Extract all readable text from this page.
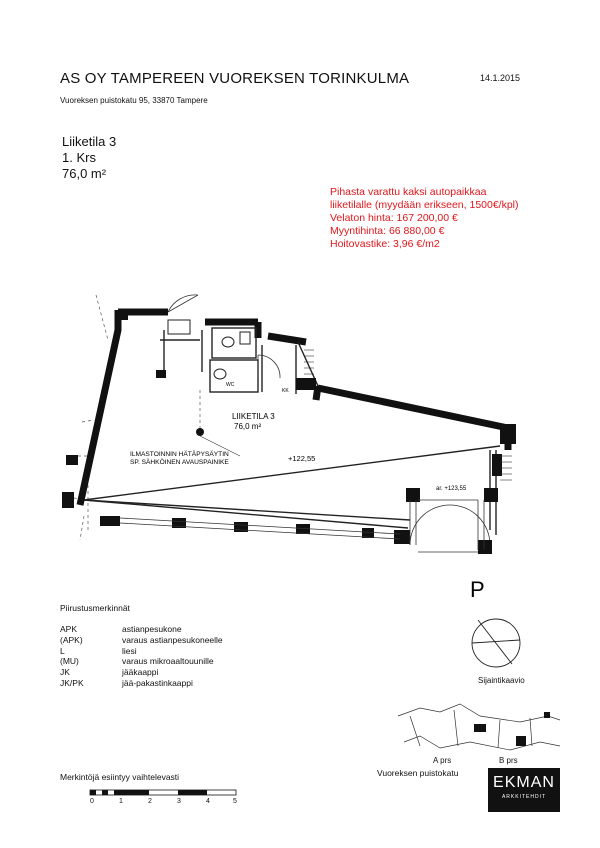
AS OY TAMPEREEN VUOREKSEN TORINKULMA	14.1.2015
Vuoreksen puistokatu 95, 33870 Tampere
Liiketila 3
1. Krs
76,0 m²
Pihasta varattu kaksi autopaikkaa
liiketilalle (myydään erikseen, 1500€/kpl)
Velaton hinta: 167 200,00 €
Myyntihinta: 66 880,00 €
Hoitovastike: 3,96 €/m2
LIIKETILA 3
76,0 m²
ILMASTOINNIN HÄTÄPYSÄYTIN
SP. SÄHKÖINEN AVAUSPAINIKE	+122,55
ar. +123,55
WC
KK
P
Piirustusmerkinnät
APK	astianpesukone
(APK)	varaus astianpesukoneelle
L	liesi
(MU)	varaus mikroaaltouunille
JK	jääkaappi
JK/PK	jää-pakastinkaappi	Sijaintikaavio
A prs	B prs
Vuoreksen puistokatu
Merkintöjä esiintyy vaihtelevasti
0	1	2	3	4	5
EKMAN
ARKKITEHDIT
